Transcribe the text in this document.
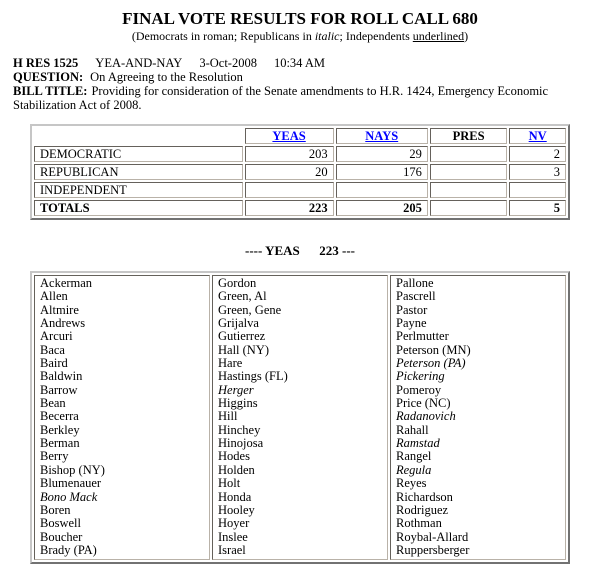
FINAL VOTE RESULTS FOR ROLL CALL 680
(Democrats in roman; Republicans in italic; Independents underlined)
H RES 1525 YEA-AND-NAY 3-Oct-2008 10:34 AM
QUESTION: On Agreeing to the Resolution
BILL TITLE: Providing for consideration of the Senate amendments to H.R. 1424, Emergency Economic Stabilization Act of 2008.
	YEAS	NAYS	PRES	NV
DEMOCRATIC	203	29		2
REPUBLICAN	20	176		3
INDEPENDENT				
TOTALS	223	205		5
---- YEAS      223 ---
Ackerman
Allen
Altmire
Andrews
Arcuri
Baca
Baird
Baldwin
Barrow
Bean
Becerra
Berkley
Berman
Berry
Bishop (NY)
Blumenauer
Bono Mack
Boren
Boswell
Boucher
Brady (PA)

Gordon
Green, Al
Green, Gene
Grijalva
Gutierrez
Hall (NY)
Hare
Hastings (FL)
Herger
Higgins
Hill
Hinchey
Hinojosa
Hodes
Holden
Holt
Honda
Hooley
Hoyer
Inslee
Israel

Pallone
Pascrell
Pastor
Payne
Perlmutter
Peterson (MN)
Peterson (PA)
Pickering
Pomeroy
Price (NC)
Radanovich
Rahall
Ramstad
Rangel
Regula
Reyes
Richardson
Rodriguez
Rothman
Roybal-Allard
Ruppersberger
